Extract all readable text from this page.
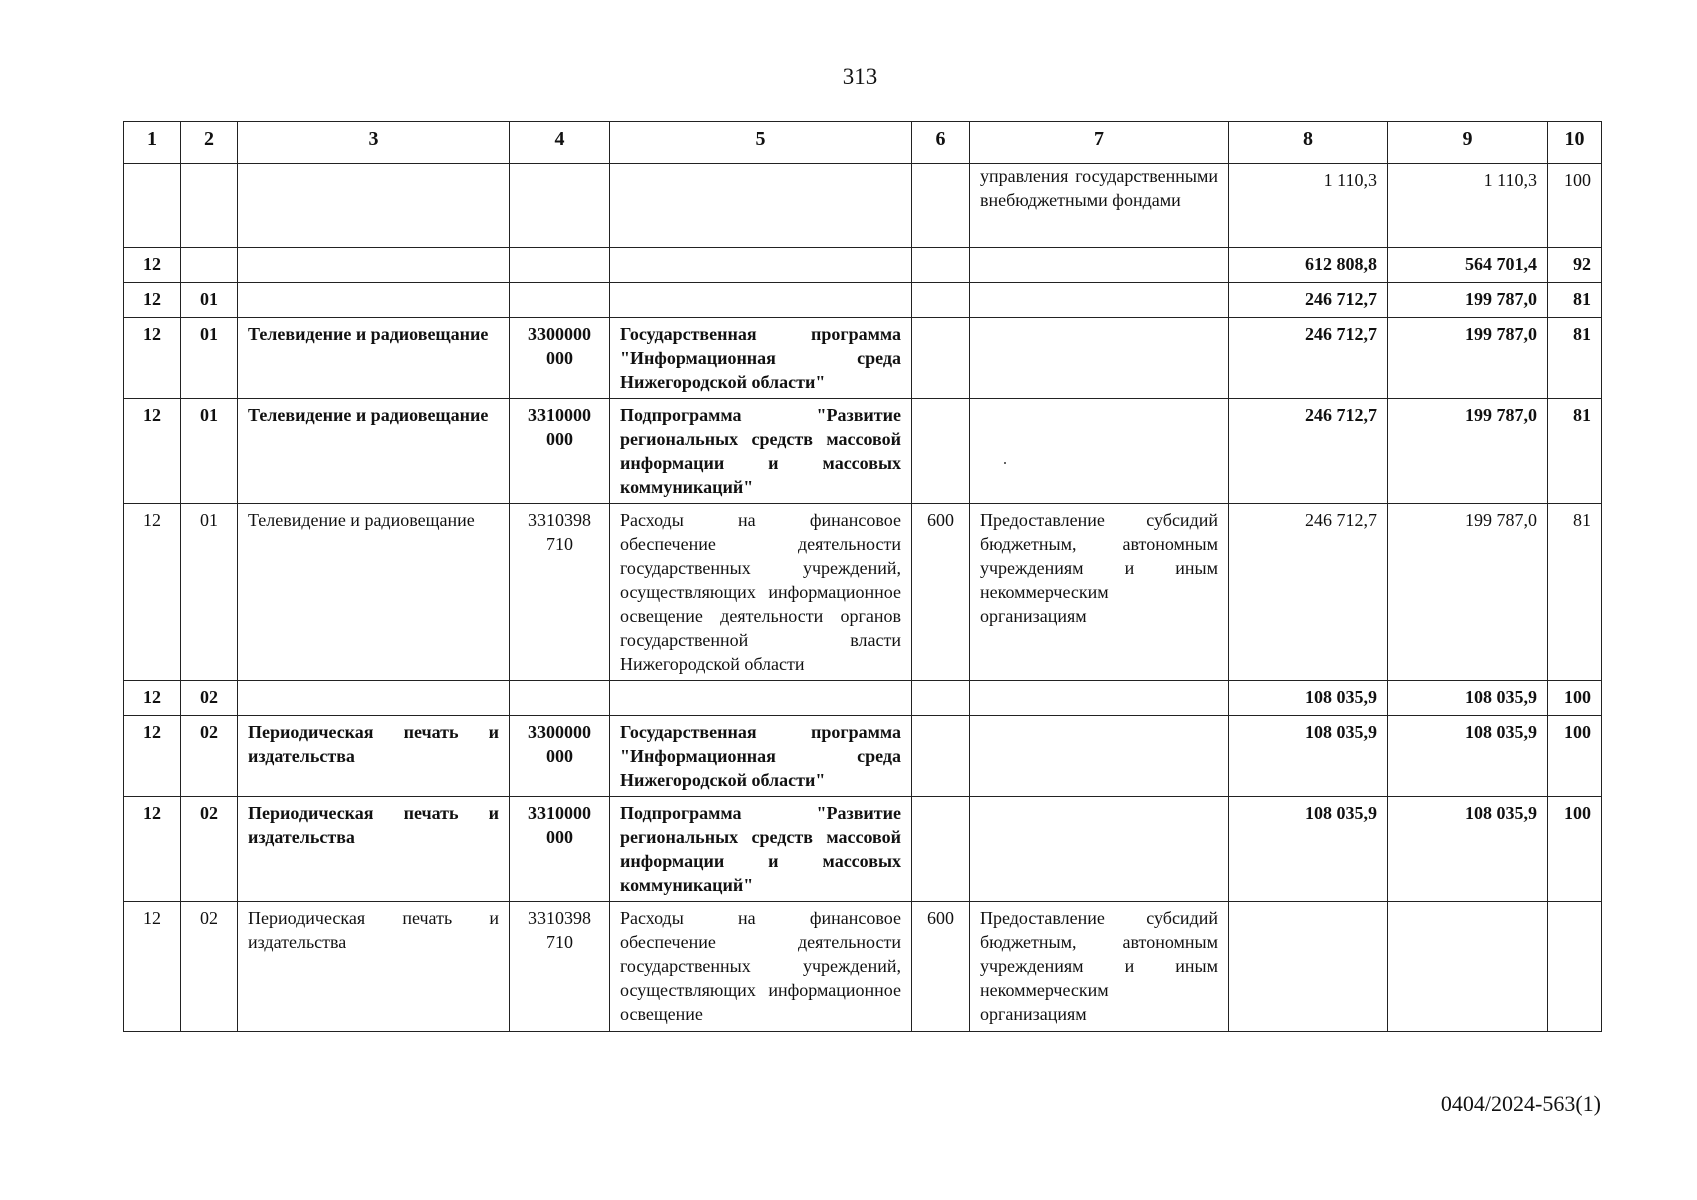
313
1	2	3	4	5	6	7	8	9	10
						управления государственными внебюджетными фондами	1 110,3	1 110,3	100
12							612 808,8	564 701,4	92
12	01						246 712,7	199 787,0	81
12	01	Телевидение и радиовещание	3300000 000	Государственная программа "Информационная среда Нижегородской области"			246 712,7	199 787,0	81
12	01	Телевидение и радиовещание	3310000 000	Подпрограмма "Развитие региональных средств массовой информации и массовых коммуникаций"			246 712,7	199 787,0	81
12	01	Телевидение и радиовещание	3310398 710	Расходы на финансовое обеспечение деятельности государственных учреждений, осуществляющих информационное освещение деятельности органов государственной власти Нижегородской области	600	Предоставление субсидий бюджетным, автономным учреждениям и иным некоммерческим организациям	246 712,7	199 787,0	81
12	02						108 035,9	108 035,9	100
12	02	Периодическая печать и издательства	3300000 000	Государственная программа "Информационная среда Нижегородской области"			108 035,9	108 035,9	100
12	02	Периодическая печать и издательства	3310000 000	Подпрограмма "Развитие региональных средств массовой информации и массовых коммуникаций"			108 035,9	108 035,9	100
12	02	Периодическая печать и издательства	3310398 710	Расходы на финансовое обеспечение деятельности государственных учреждений, осуществляющих информационное освещение	600	Предоставление субсидий бюджетным, автономным учреждениям и иным некоммерческим организациям			
0404/2024-563(1)
